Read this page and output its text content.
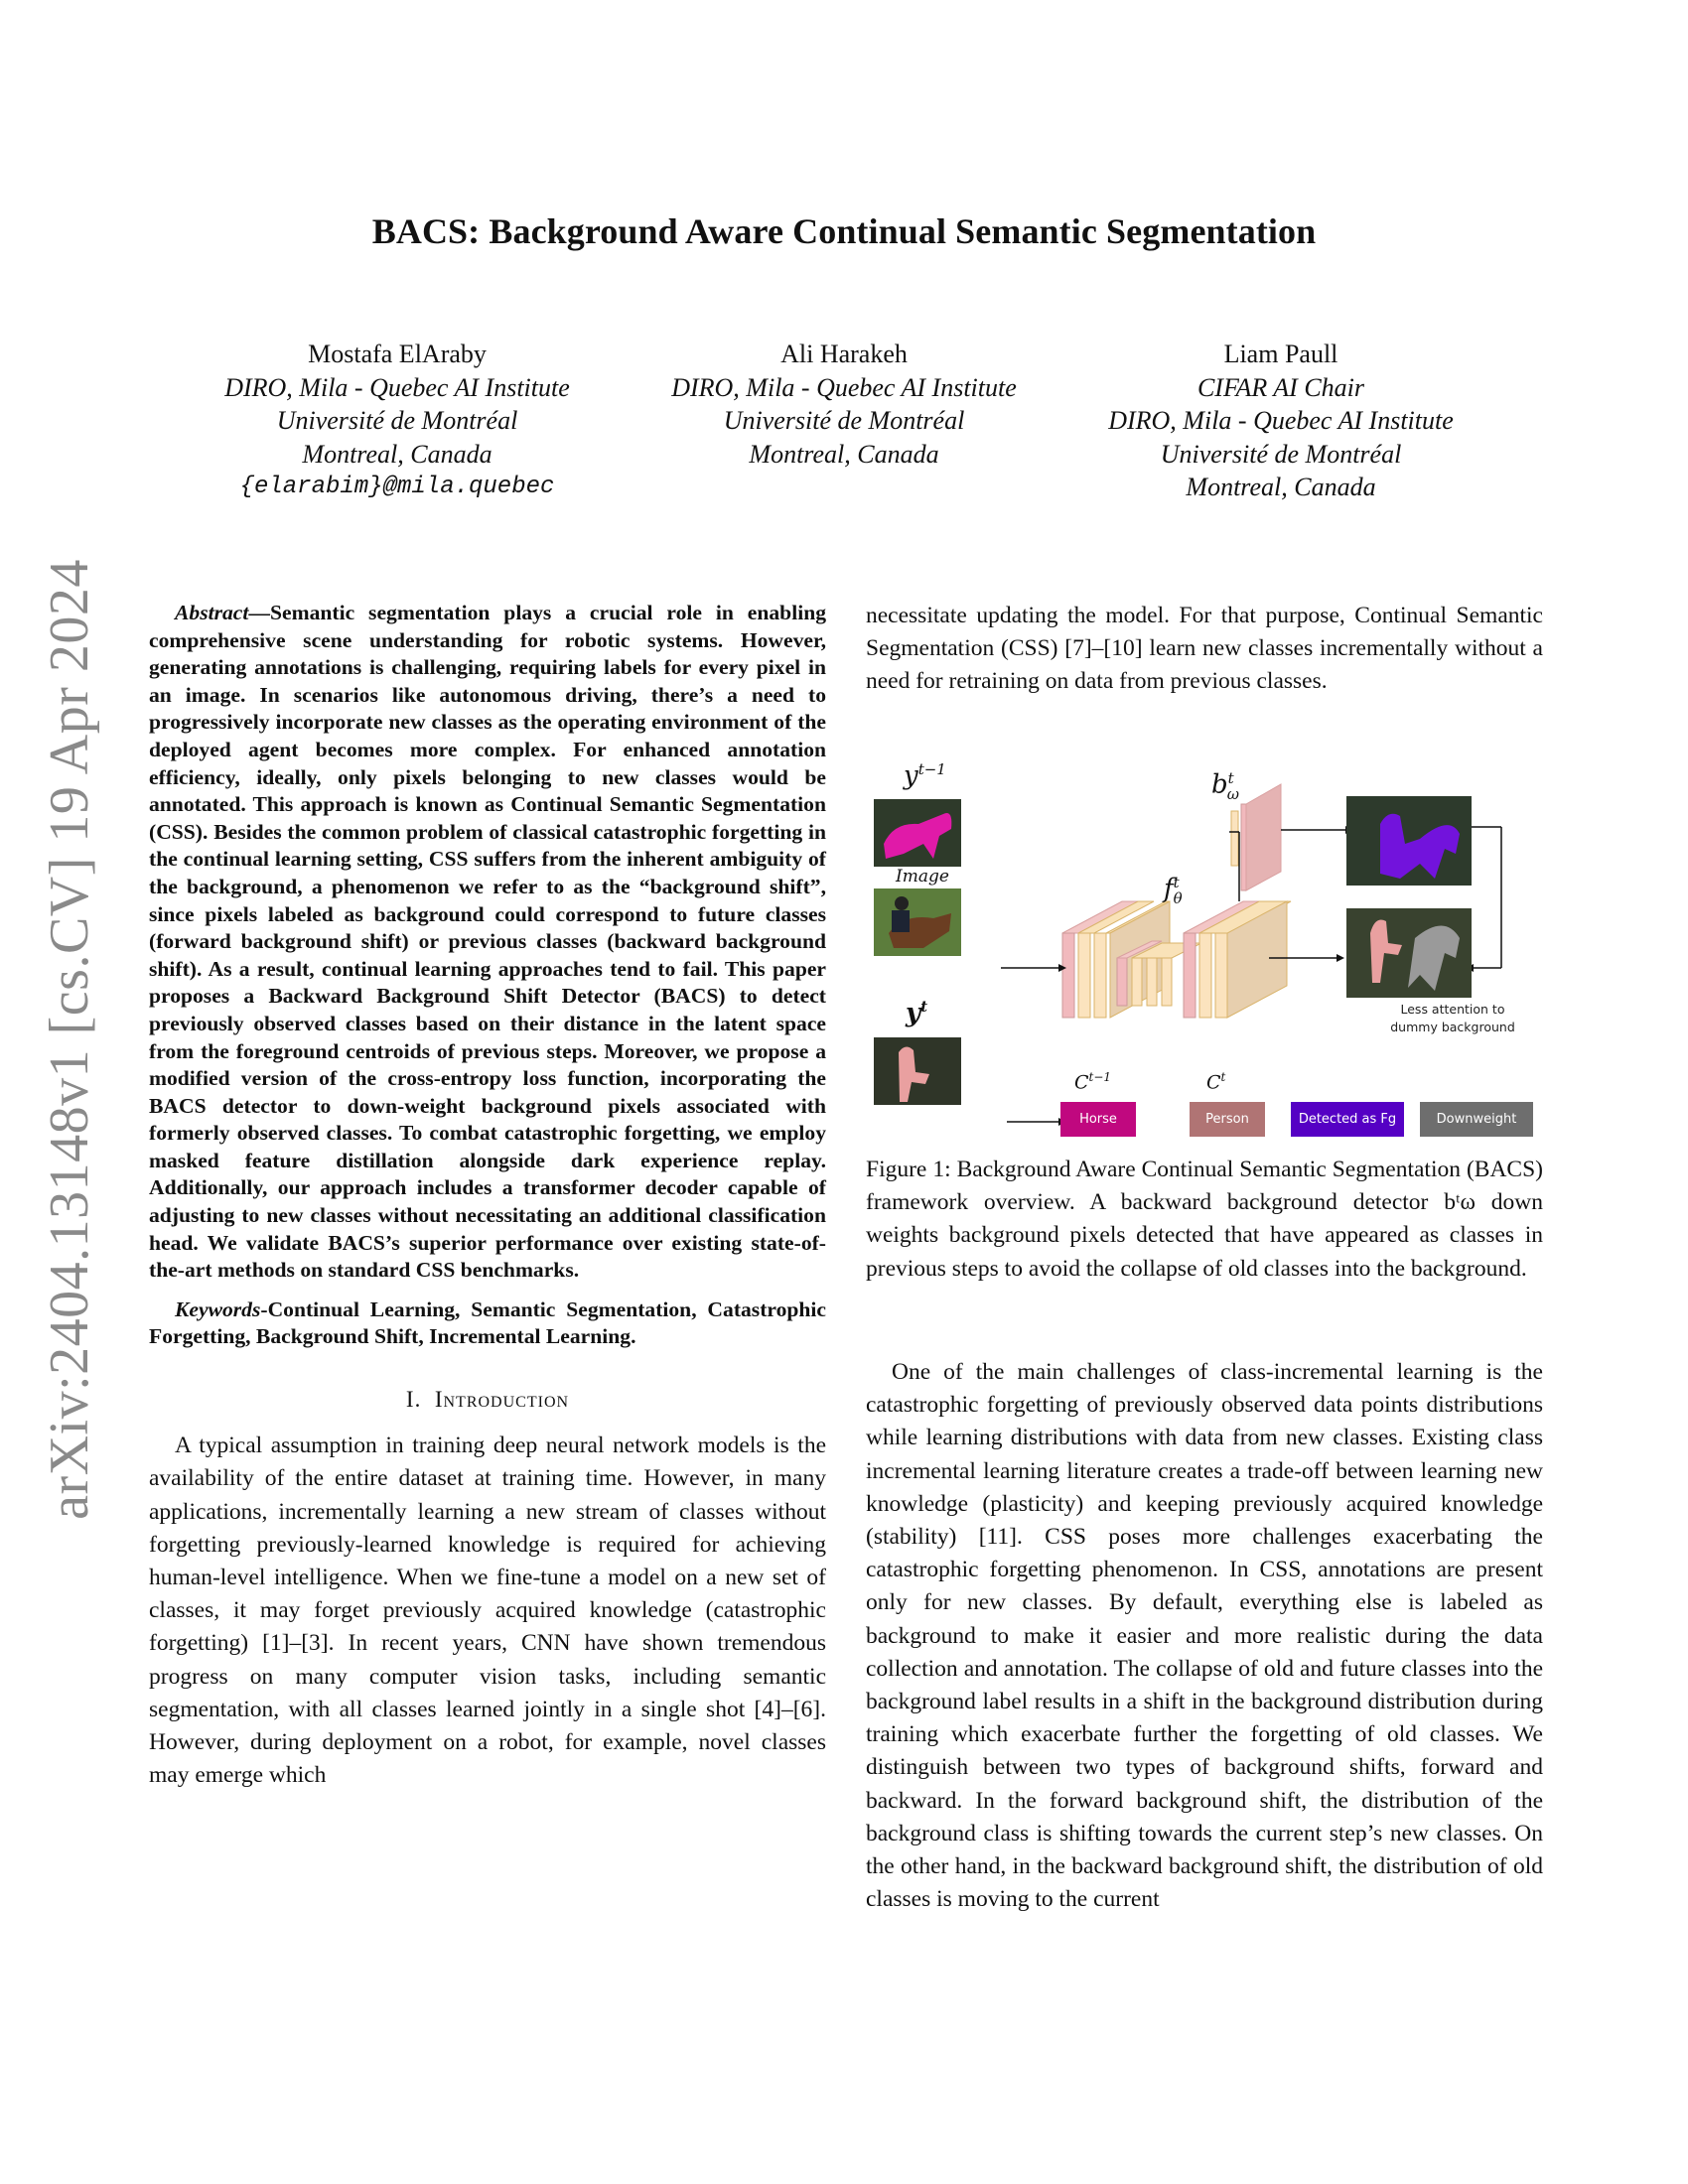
arXiv:2404.13148v1 [cs.CV] 19 Apr 2024
BACS: Background Aware Continual Semantic Segmentation
Mostafa ElAraby
DIRO, Mila - Quebec AI Institute
Université de Montréal
Montreal, Canada
{elarabim}@mila.quebec
Ali Harakeh
DIRO, Mila - Quebec AI Institute
Université de Montréal
Montreal, Canada
Liam Paull
CIFAR AI Chair
DIRO, Mila - Quebec AI Institute
Université de Montréal
Montreal, Canada

Abstract—Semantic segmentation plays a crucial role in enabling comprehensive scene understanding for robotic systems. However, generating annotations is challenging, requiring labels for every pixel in an image. In scenarios like autonomous driving, there’s a need to progressively incorporate new classes as the operating environment of the deployed agent becomes more complex. For enhanced annotation efficiency, ideally, only pixels belonging to new classes would be annotated. This approach is known as Continual Semantic Segmentation (CSS). Besides the common problem of classical catastrophic forgetting in the continual learning setting, CSS suffers from the inherent ambiguity of the background, a phenomenon we refer to as the “background shift”, since pixels labeled as background could correspond to future classes (forward background shift) or previous classes (backward background shift). As a result, continual learning approaches tend to fail. This paper proposes a Backward Background Shift Detector (BACS) to detect previously observed classes based on their distance in the latent space from the foreground centroids of previous steps. Moreover, we propose a modified version of the cross-entropy loss function, incorporating the BACS detector to down-weight background pixels associated with formerly observed classes. To combat catastrophic forgetting, we employ masked feature distillation alongside dark experience replay. Additionally, our approach includes a transformer decoder capable of adjusting to new classes without necessitating an additional classification head. We validate BACS’s superior performance over existing state-of-the-art methods on standard CSS benchmarks.

Keywords-Continual Learning, Semantic Segmentation, Catastrophic Forgetting, Background Shift, Incremental Learning.

I. Introduction

A typical assumption in training deep neural network models is the availability of the entire dataset at training time. However, in many applications, incrementally learning a new stream of classes without forgetting previously-learned knowledge is required for achieving human-level intelligence. When we fine-tune a model on a new set of classes, it may forget previously acquired knowledge (catastrophic forgetting) [1]–[3]. In recent years, CNN have shown tremendous progress on many computer vision tasks, including semantic segmentation, with all classes learned jointly in a single shot [4]–[6]. However, during deployment on a robot, for example, novel classes may emerge which

necessitate updating the model. For that purpose, Continual Semantic Segmentation (CSS) [7]–[10] learn new classes incrementally without a need for retraining on data from previous classes.

$y^{t-1}$
Image
$y^t$
$b^t_\omega$
$f^t_\theta$
$C^{t-1}$	$C^t$
Less attention to dummy background
Horse	Person	Detected as Fg	Downweight
Figure 1: Background Aware Continual Semantic Segmentation (BACS) framework overview. A backward background detector bᵗω down weights background pixels detected that have appeared as classes in previous steps to avoid the collapse of old classes into the background.

One of the main challenges of class-incremental learning is the catastrophic forgetting of previously observed data points distributions while learning distributions with data from new classes. Existing class incremental learning literature creates a trade-off between learning new knowledge (plasticity) and keeping previously acquired knowledge (stability) [11]. CSS poses more challenges exacerbating the catastrophic forgetting phenomenon. In CSS, annotations are present only for new classes. By default, everything else is labeled as background to make it easier and more realistic during the data collection and annotation. The collapse of old and future classes into the background label results in a shift in the background distribution during training which exacerbate further the forgetting of old classes. We distinguish between two types of background shifts, forward and backward. In the forward background shift, the distribution of the background class is shifting towards the current step’s new classes. On the other hand, in the backward background shift, the distribution of old classes is moving to the current
